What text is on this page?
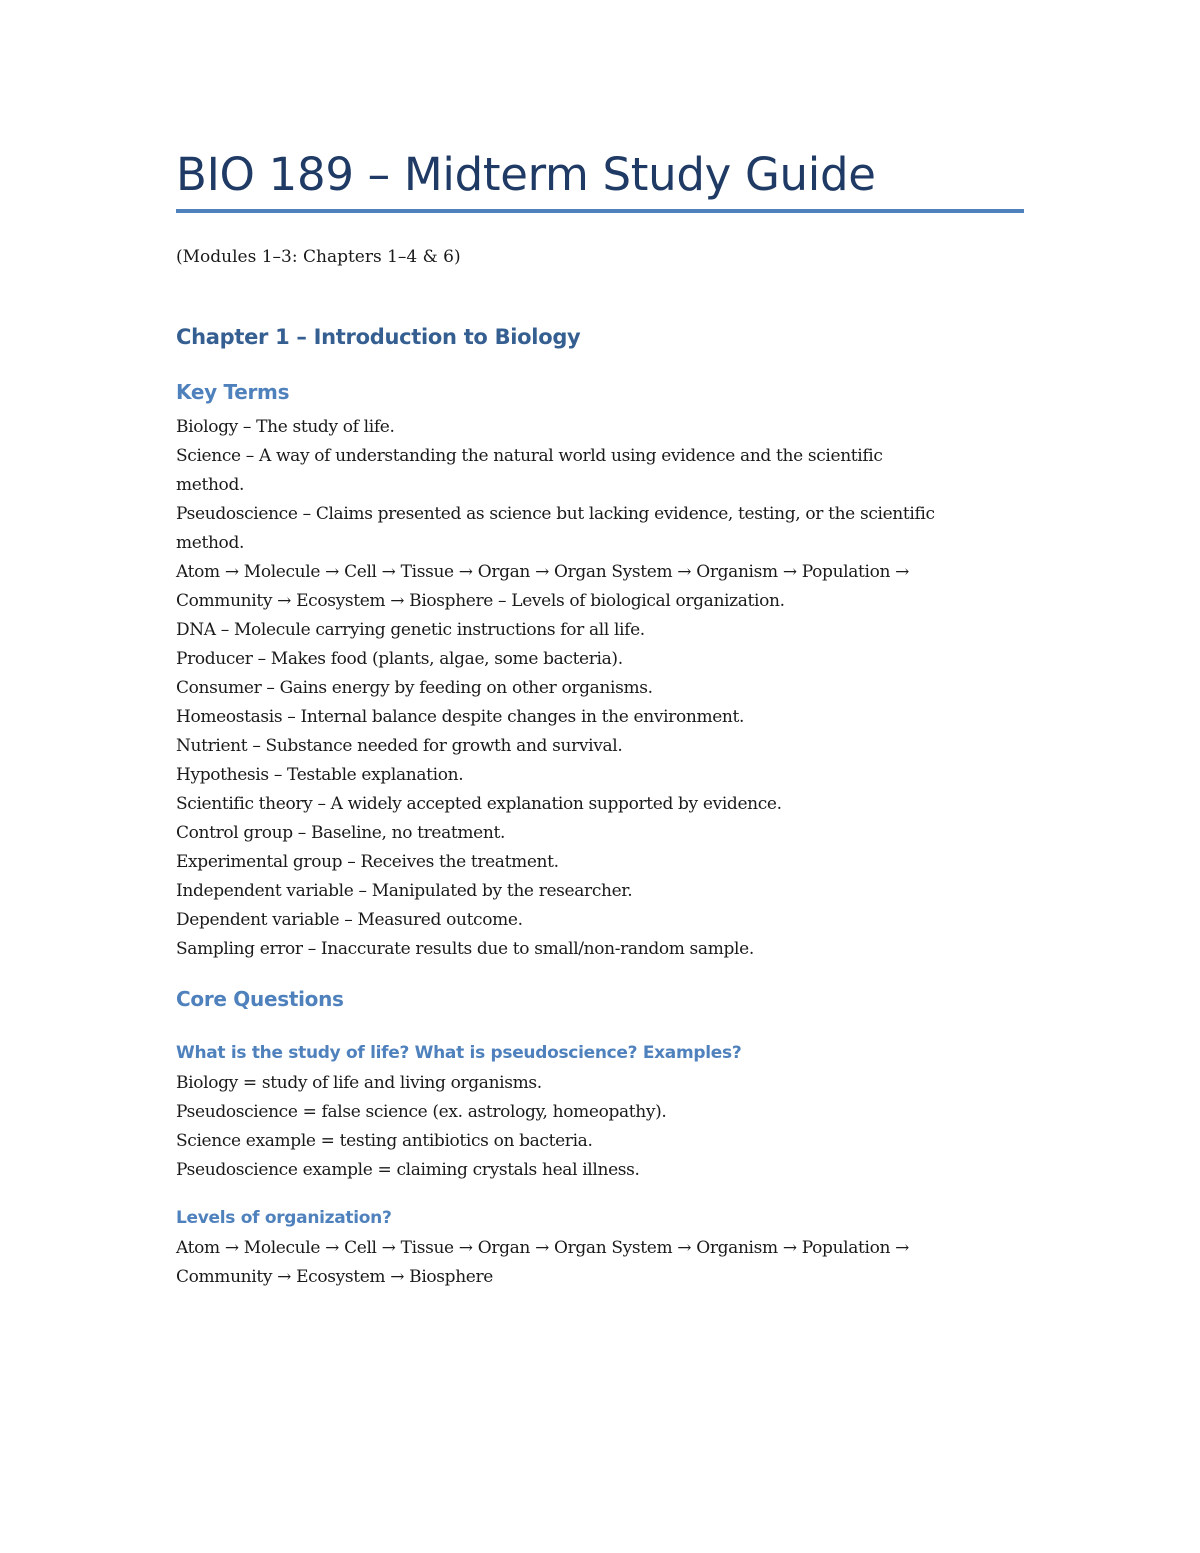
BIO 189 – Midterm Study Guide

(Modules 1–3: Chapters 1–4 & 6)

Chapter 1 – Introduction to Biology
Key Terms
Biology – The study of life.
Science – A way of understanding the natural world using evidence and the scientific
method.
Pseudoscience – Claims presented as science but lacking evidence, testing, or the scientific
method.
Atom → Molecule → Cell → Tissue → Organ → Organ System → Organism → Population →
Community → Ecosystem → Biosphere – Levels of biological organization.
DNA – Molecule carrying genetic instructions for all life.
Producer – Makes food (plants, algae, some bacteria).
Consumer – Gains energy by feeding on other organisms.
Homeostasis – Internal balance despite changes in the environment.
Nutrient – Substance needed for growth and survival.
Hypothesis – Testable explanation.
Scientific theory – A widely accepted explanation supported by evidence.
Control group – Baseline, no treatment.
Experimental group – Receives the treatment.
Independent variable – Manipulated by the researcher.
Dependent variable – Measured outcome.
Sampling error – Inaccurate results due to small/non-random sample.
Core Questions
What is the study of life? What is pseudoscience? Examples?
Biology = study of life and living organisms.
Pseudoscience = false science (ex. astrology, homeopathy).
Science example = testing antibiotics on bacteria.
Pseudoscience example = claiming crystals heal illness.
Levels of organization?
Atom → Molecule → Cell → Tissue → Organ → Organ System → Organism → Population →
Community → Ecosystem → Biosphere
